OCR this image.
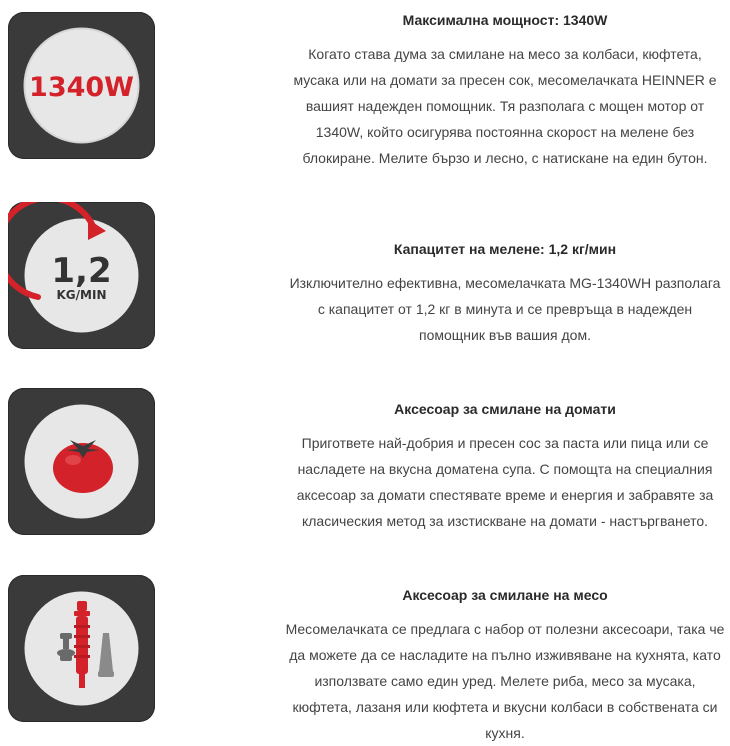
1340W

Максимална мощност: 1340W

Когато става дума за смилане на месо за колбаси, кюфтета, мусака или на домати за пресен сок, месомелачката HEINNER е вашият надежден помощник. Тя разполага с мощен мотор от 1340W, който осигурява постоянна скорост на мелене без блокиране. Мелите бързо и лесно, с натискане на един бутон.

1,2
KG/MIN

Капацитет на мелене: 1,2 кг/мин

Изключително ефективна, месомелачката MG-1340WH разполага с капацитет от 1,2 кг в минута и се превръща в надежден помощник във вашия дом.

Аксесоар за смилане на домати

Пригответе най-добрия и пресен сос за паста или пица или се насладете на вкусна доматена супа. С помощта на специалния аксесоар за домати спестявате време и енергия и забравяте за класическия метод за изстискване на домати - настъргването.

Аксесоар за смилане на месо

Месомелачката се предлага с набор от полезни аксесоари, така че да можете да се насладите на пълно изживяване на кухнята, като използвате само един уред. Мелете риба, месо за мусака, кюфтета, лазаня или кюфтета и вкусни колбаси в собствената си кухня.
